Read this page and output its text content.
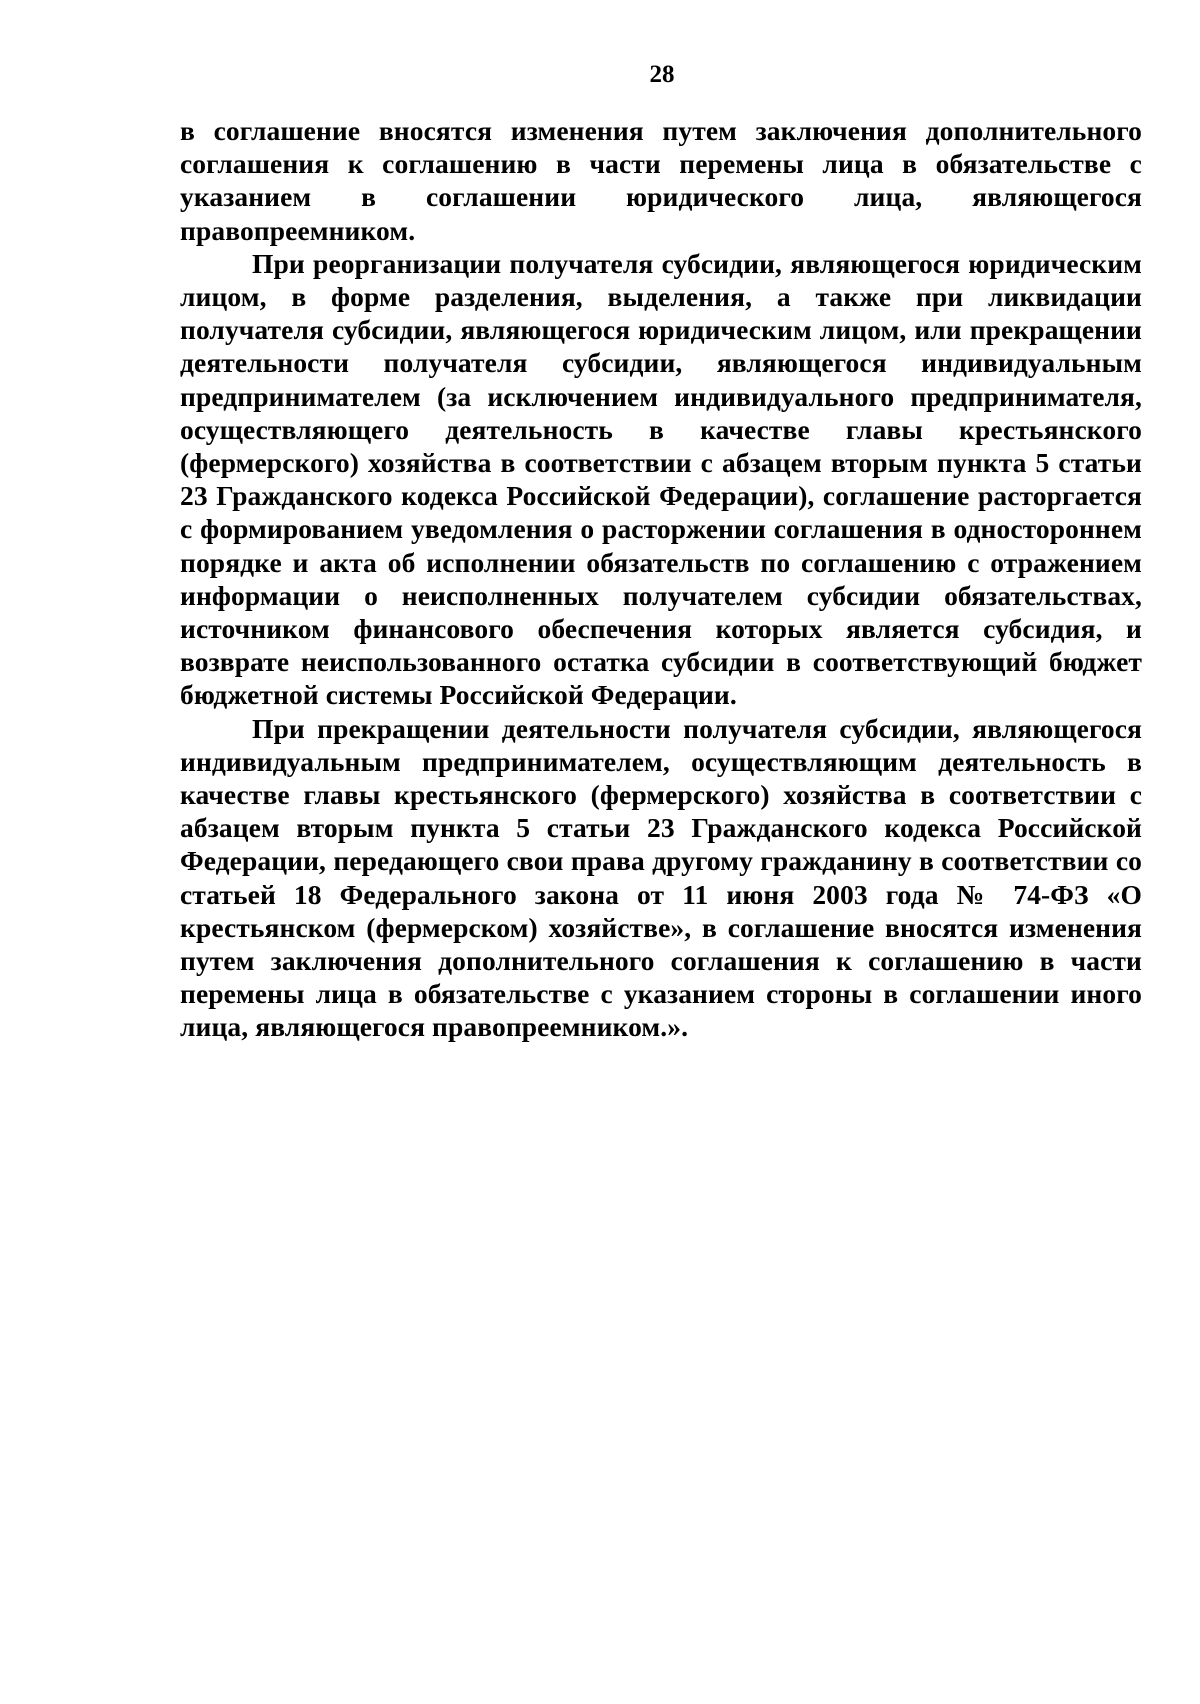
28

в соглашение вносятся изменения путем заключения дополнительного соглашения к соглашению в части перемены лица в обязательстве с указанием в соглашении юридического лица, являющегося правопреемником.

При реорганизации получателя субсидии, являющегося юридическим лицом, в форме разделения, выделения, а также при ликвидации получателя субсидии, являющегося юридическим лицом, или прекращении деятельности получателя субсидии, являющегося индивидуальным предпринимателем (за исключением индивидуального предпринимателя, осуществляющего деятельность в качестве главы крестьянского (фермерского) хозяйства в соответствии с абзацем вторым пункта 5 статьи 23 Гражданского кодекса Российской Федерации), соглашение расторгается с формированием уведомления о расторжении соглашения в одностороннем порядке и акта об исполнении обязательств по соглашению с отражением информации о неисполненных получателем субсидии обязательствах, источником финансового обеспечения которых является субсидия, и возврате неиспользованного остатка субсидии в соответствующий бюджет бюджетной системы Российской Федерации.

При прекращении деятельности получателя субсидии, являющегося индивидуальным предпринимателем, осуществляющим деятельность в качестве главы крестьянского (фермерского) хозяйства в соответствии с абзацем вторым пункта 5 статьи 23 Гражданского кодекса Российской Федерации, передающего свои права другому гражданину в соответствии со статьей 18 Федерального закона от 11 июня 2003 года № 74-ФЗ «О крестьянском (фермерском) хозяйстве», в соглашение вносятся изменения путем заключения дополнительного соглашения к соглашению в части перемены лица в обязательстве с указанием стороны в соглашении иного лица, являющегося правопреемником.».
